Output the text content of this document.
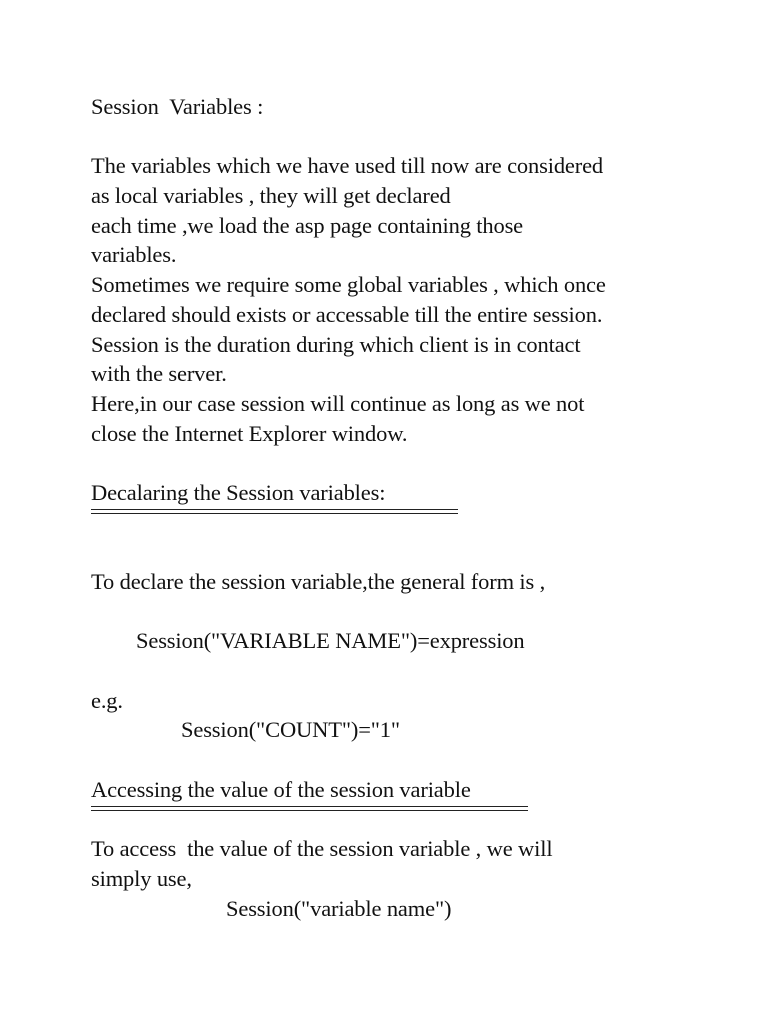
Session  Variables :
The variables which we have used till now are considered
as local variables , they will get declared
each time ,we load the asp page containing those
variables.
Sometimes we require some global variables , which once
declared should exists or accessable till the entire session.
Session is the duration during which client is in contact
with the server.
Here,in our case session will continue as long as we not
close the Internet Explorer window.
Decalaring the Session variables:
To declare the session variable,the general form is ,
Session("VARIABLE NAME")=expression
e.g.
Session("COUNT")="1"
Accessing the value of the session variable
To access  the value of the session variable , we will
simply use,
Session("variable name")
